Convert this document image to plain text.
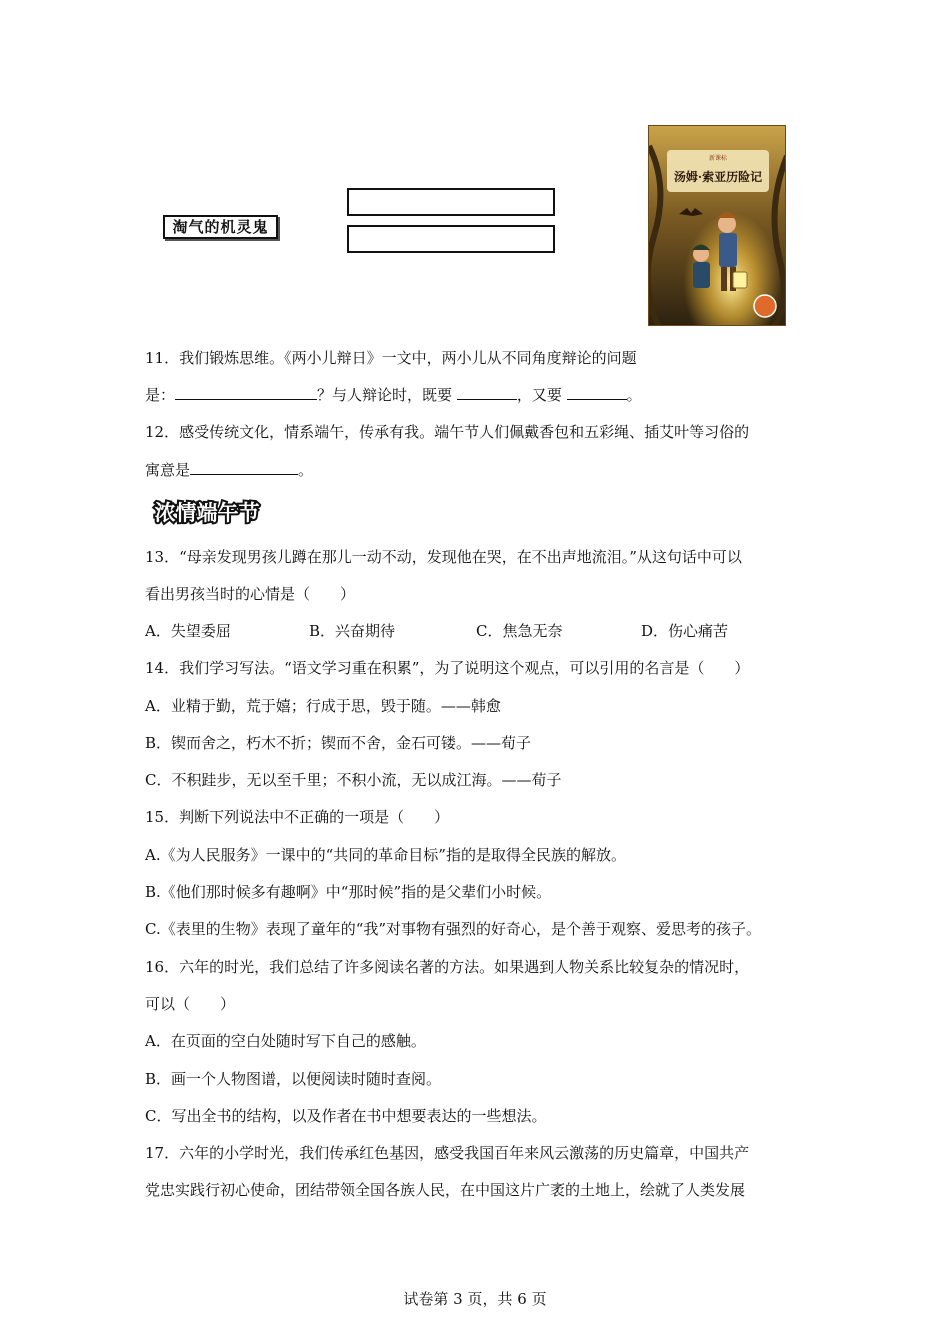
淘气的机灵鬼
新课标
汤姆·索亚历险记
11．我们锻炼思维。《两小儿辩日》一文中，两小儿从不同角度辩论的问题
是：	？与人辩论时，既要	，又要	。
12．感受传统文化，情系端午，传承有我。端午节人们佩戴香包和五彩绳、插艾叶等习俗的
寓意是	。
浓情端午节
13．“母亲发现男孩儿蹲在那儿一动不动，发现他在哭，在不出声地流泪。”从这句话中可以
看出男孩当时的心情是（　　）
A．失望委屈	B．兴奋期待	C．焦急无奈	D．伤心痛苦
14．我们学习写法。“语文学习重在积累”，为了说明这个观点，可以引用的名言是（　　）
A．业精于勤，荒于嬉；行成于思，毁于随。——韩愈
B．锲而舍之，朽木不折；锲而不舍，金石可镂。——荀子
C．不积跬步，无以至千里；不积小流，无以成江海。——荀子
15．判断下列说法中不正确的一项是（　　）
A.《为人民服务》一课中的“共同的革命目标”指的是取得全民族的解放。
B.《他们那时候多有趣啊》中“那时候”指的是父辈们小时候。
C.《表里的生物》表现了童年的“我”对事物有强烈的好奇心，是个善于观察、爱思考的孩子。
16．六年的时光，我们总结了许多阅读名著的方法。如果遇到人物关系比较复杂的情况时，
可以（　　）
A．在页面的空白处随时写下自己的感触。
B．画一个人物图谱，以便阅读时随时查阅。
C．写出全书的结构，以及作者在书中想要表达的一些想法。
17．六年的小学时光，我们传承红色基因，感受我国百年来风云激荡的历史篇章，中国共产
党忠实践行初心使命，团结带领全国各族人民，在中国这片广袤的土地上，绘就了人类发展
试卷第 3 页，共 6 页
